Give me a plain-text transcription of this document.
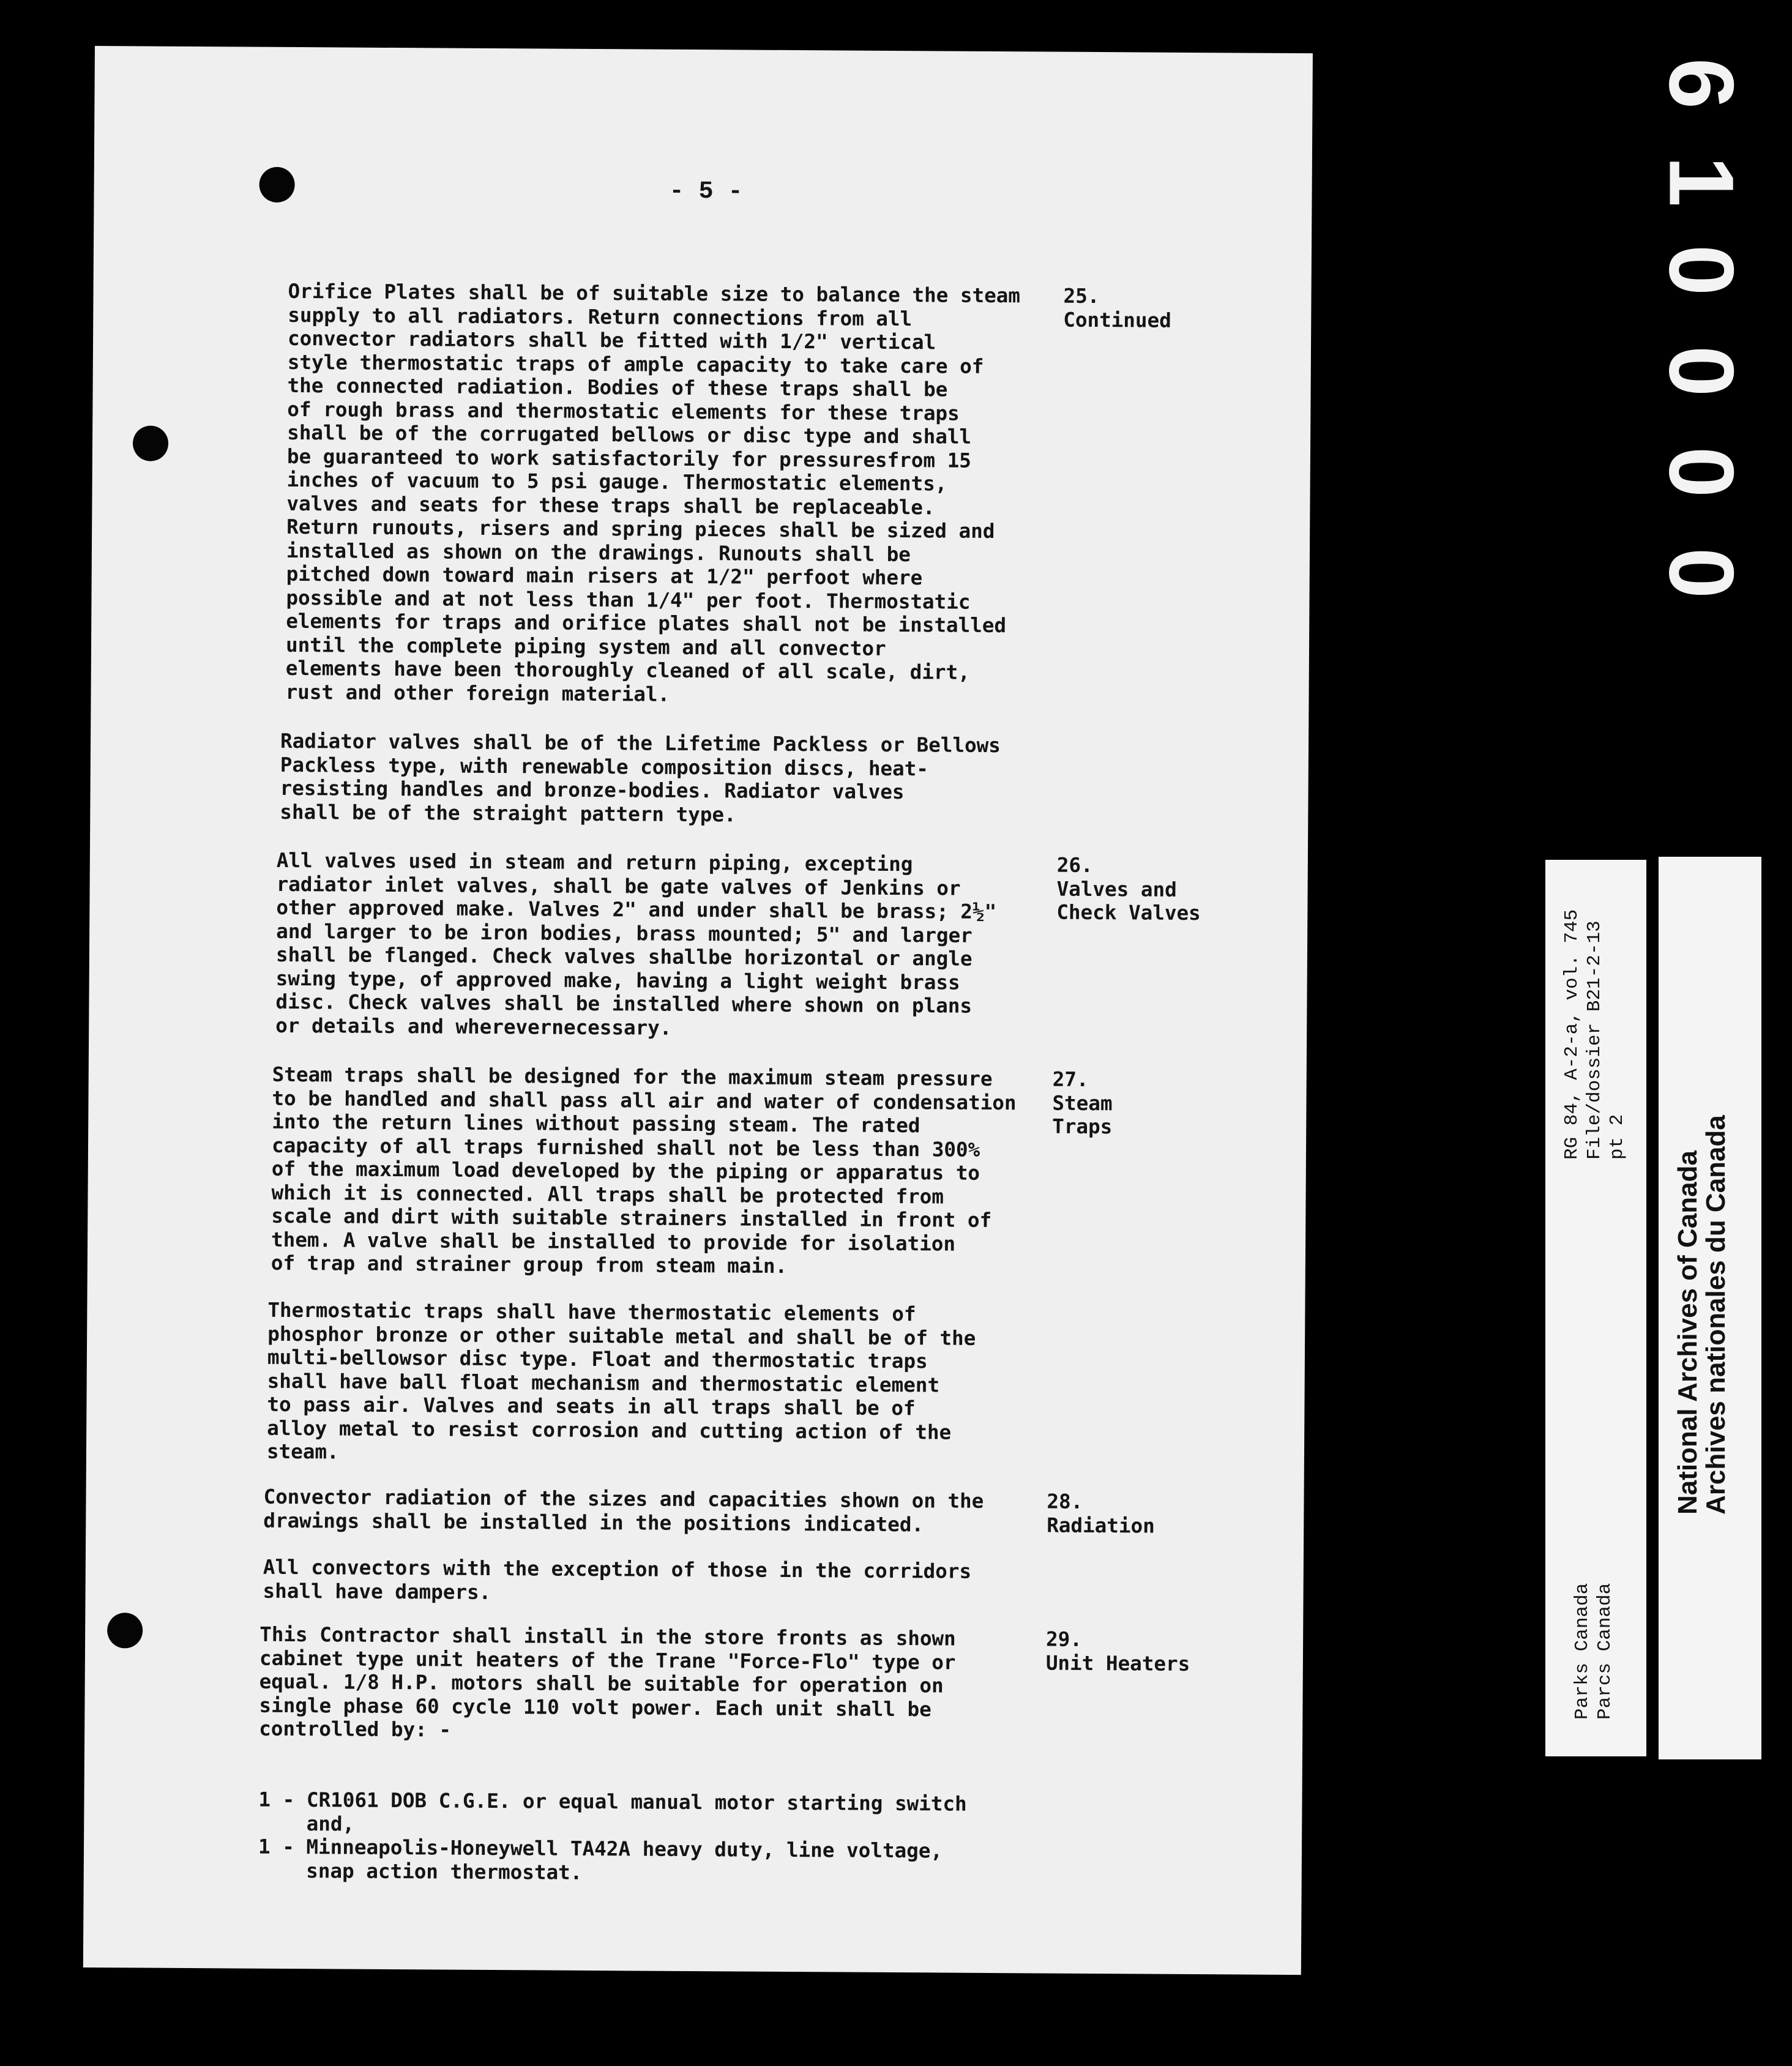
- 5 -
Orifice Plates shall be of suitable size to balance the steam
supply to all radiators. Return connections from all
convector radiators shall be fitted with 1/2" vertical
style thermostatic traps of ample capacity to take care of
the connected radiation. Bodies of these traps shall be
of rough brass and thermostatic elements for these traps
shall be of the corrugated bellows or disc type and shall
be guaranteed to work satisfactorily for pressuresfrom 15
inches of vacuum to 5 psi gauge. Thermostatic elements,
valves and seats for these traps shall be replaceable.
Return runouts, risers and spring pieces shall be sized and
installed as shown on the drawings. Runouts shall be
pitched down toward main risers at 1/2" perfoot where
possible and at not less than 1/4" per foot. Thermostatic
elements for traps and orifice plates shall not be installed
until the complete piping system and all convector
elements have been thoroughly cleaned of all scale, dirt,
rust and other foreign material.
Radiator valves shall be of the Lifetime Packless or Bellows
Packless type, with renewable composition discs, heat-
resisting handles and bronze-bodies. Radiator valves
shall be of the straight pattern type.
All valves used in steam and return piping, excepting
radiator inlet valves, shall be gate valves of Jenkins or
other approved make. Valves 2" and under shall be brass; 2½"
and larger to be iron bodies, brass mounted; 5" and larger
shall be flanged. Check valves shallbe horizontal or angle
swing type, of approved make, having a light weight brass
disc. Check valves shall be installed where shown on plans
or details and wherevernecessary.
Steam traps shall be designed for the maximum steam pressure
to be handled and shall pass all air and water of condensation
into the return lines without passing steam. The rated
capacity of all traps furnished shall not be less than 300%
of the maximum load developed by the piping or apparatus to
which it is connected. All traps shall be protected from
scale and dirt with suitable strainers installed in front of
them. A valve shall be installed to provide for isolation
of trap and strainer group from steam main.
Thermostatic traps shall have thermostatic elements of
phosphor bronze or other suitable metal and shall be of the
multi-bellowsor disc type. Float and thermostatic traps
shall have ball float mechanism and thermostatic element
to pass air. Valves and seats in all traps shall be of
alloy metal to resist corrosion and cutting action of the
steam.
Convector radiation of the sizes and capacities shown on the
drawings shall be installed in the positions indicated.
All convectors with the exception of those in the corridors
shall have dampers.
This Contractor shall install in the store fronts as shown
cabinet type unit heaters of the Trane "Force-Flo" type or
equal. 1/8 H.P. motors shall be suitable for operation on
single phase 60 cycle 110 volt power. Each unit shall be
controlled by: -
1 - CR1061 DOB C.G.E. or equal manual motor starting switch
and,
1 - Minneapolis-Honeywell TA42A heavy duty, line voltage,
snap action thermostat.
25.
Continued
26.
Valves and
Check Valves
27.
Steam
Traps
28.
Radiation
29.
Unit Heaters
0
0
0
0
1
6
RG 84, A-2-a, vol. 745
File/dossier B21-2-13
pt 2
Parks Canada
Parcs Canada
National Archives of Canada
Archives nationales du Canada
